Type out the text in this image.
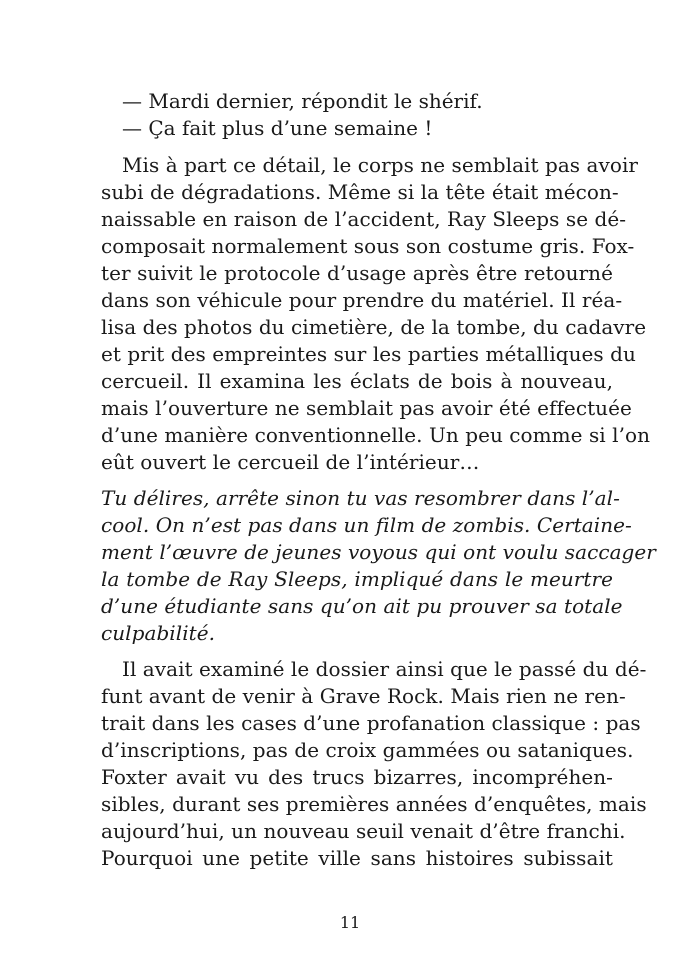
— Mardi dernier, répondit le shérif.
— Ça fait plus d’une semaine !
Mis à part ce détail, le corps ne semblait pas avoir
subi de dégradations. Même si la tête était mécon-
naissable en raison de l’accident, Ray Sleeps se dé-
composait normalement sous son costume gris. Fox-
ter suivit le protocole d’usage après être retourné
dans son véhicule pour prendre du matériel. Il réa-
lisa des photos du cimetière, de la tombe, du cadavre
et prit des empreintes sur les parties métalliques du
cercueil. Il examina les éclats de bois à nouveau,
mais l’ouverture ne semblait pas avoir été effectuée
d’une manière conventionnelle. Un peu comme si l’on
eût ouvert le cercueil de l’intérieur…
Tu délires, arrête sinon tu vas resombrer dans l’al-
cool. On n’est pas dans un film de zombis. Certaine-
ment l’œuvre de jeunes voyous qui ont voulu saccager
la tombe de Ray Sleeps, impliqué dans le meurtre
d’une étudiante sans qu’on ait pu prouver sa totale
culpabilité.
Il avait examiné le dossier ainsi que le passé du dé-
funt avant de venir à Grave Rock. Mais rien ne ren-
trait dans les cases d’une profanation classique : pas
d’inscriptions, pas de croix gammées ou sataniques.
Foxter avait vu des trucs bizarres, incompréhen-
sibles, durant ses premières années d’enquêtes, mais
aujourd’hui, un nouveau seuil venait d’être franchi.
Pourquoi une petite ville sans histoires subissait
11
